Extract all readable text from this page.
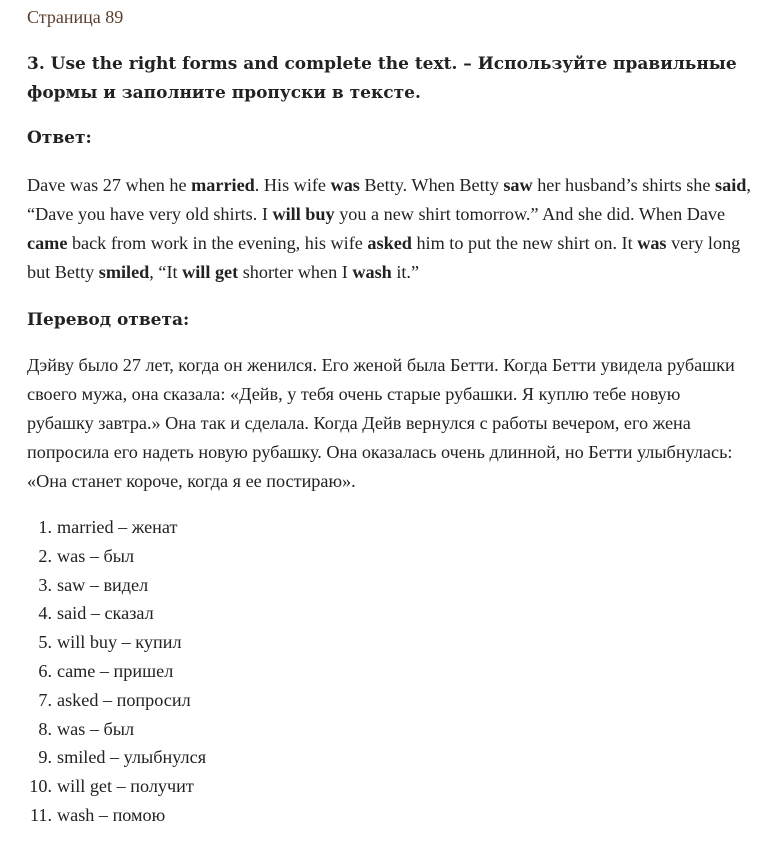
Страница 89

3. Use the right forms and complete the text. – Используйте правильные формы и заполните пропуски в тексте.

Ответ:

Dave was 27 when he married. His wife was Betty. When Betty saw her husband’s shirts she said, “Dave you have very old shirts. I will buy you a new shirt tomorrow.” And she did. When Dave came back from work in the evening, his wife asked him to put the new shirt on. It was very long but Betty smiled, “It will get shorter when I wash it.”

Перевод ответа:

Дэйву было 27 лет, когда он женился. Его женой была Бетти. Когда Бетти увидела рубашки своего мужа, она сказала: «Дейв, у тебя очень старые рубашки. Я куплю тебе новую рубашку завтра.» Она так и сделала. Когда Дейв вернулся с работы вечером, его жена попросила его надеть новую рубашку. Она оказалась очень длинной, но Бетти улыбнулась: «Она станет короче, когда я ее постираю».

1. married – женат
2. was – был
3. saw – видел
4. said – сказал
5. will buy – купил
6. came – пришел
7. asked – попросил
8. was – был
9. smiled – улыбнулся
10. will get – получит
11. wash – помою
